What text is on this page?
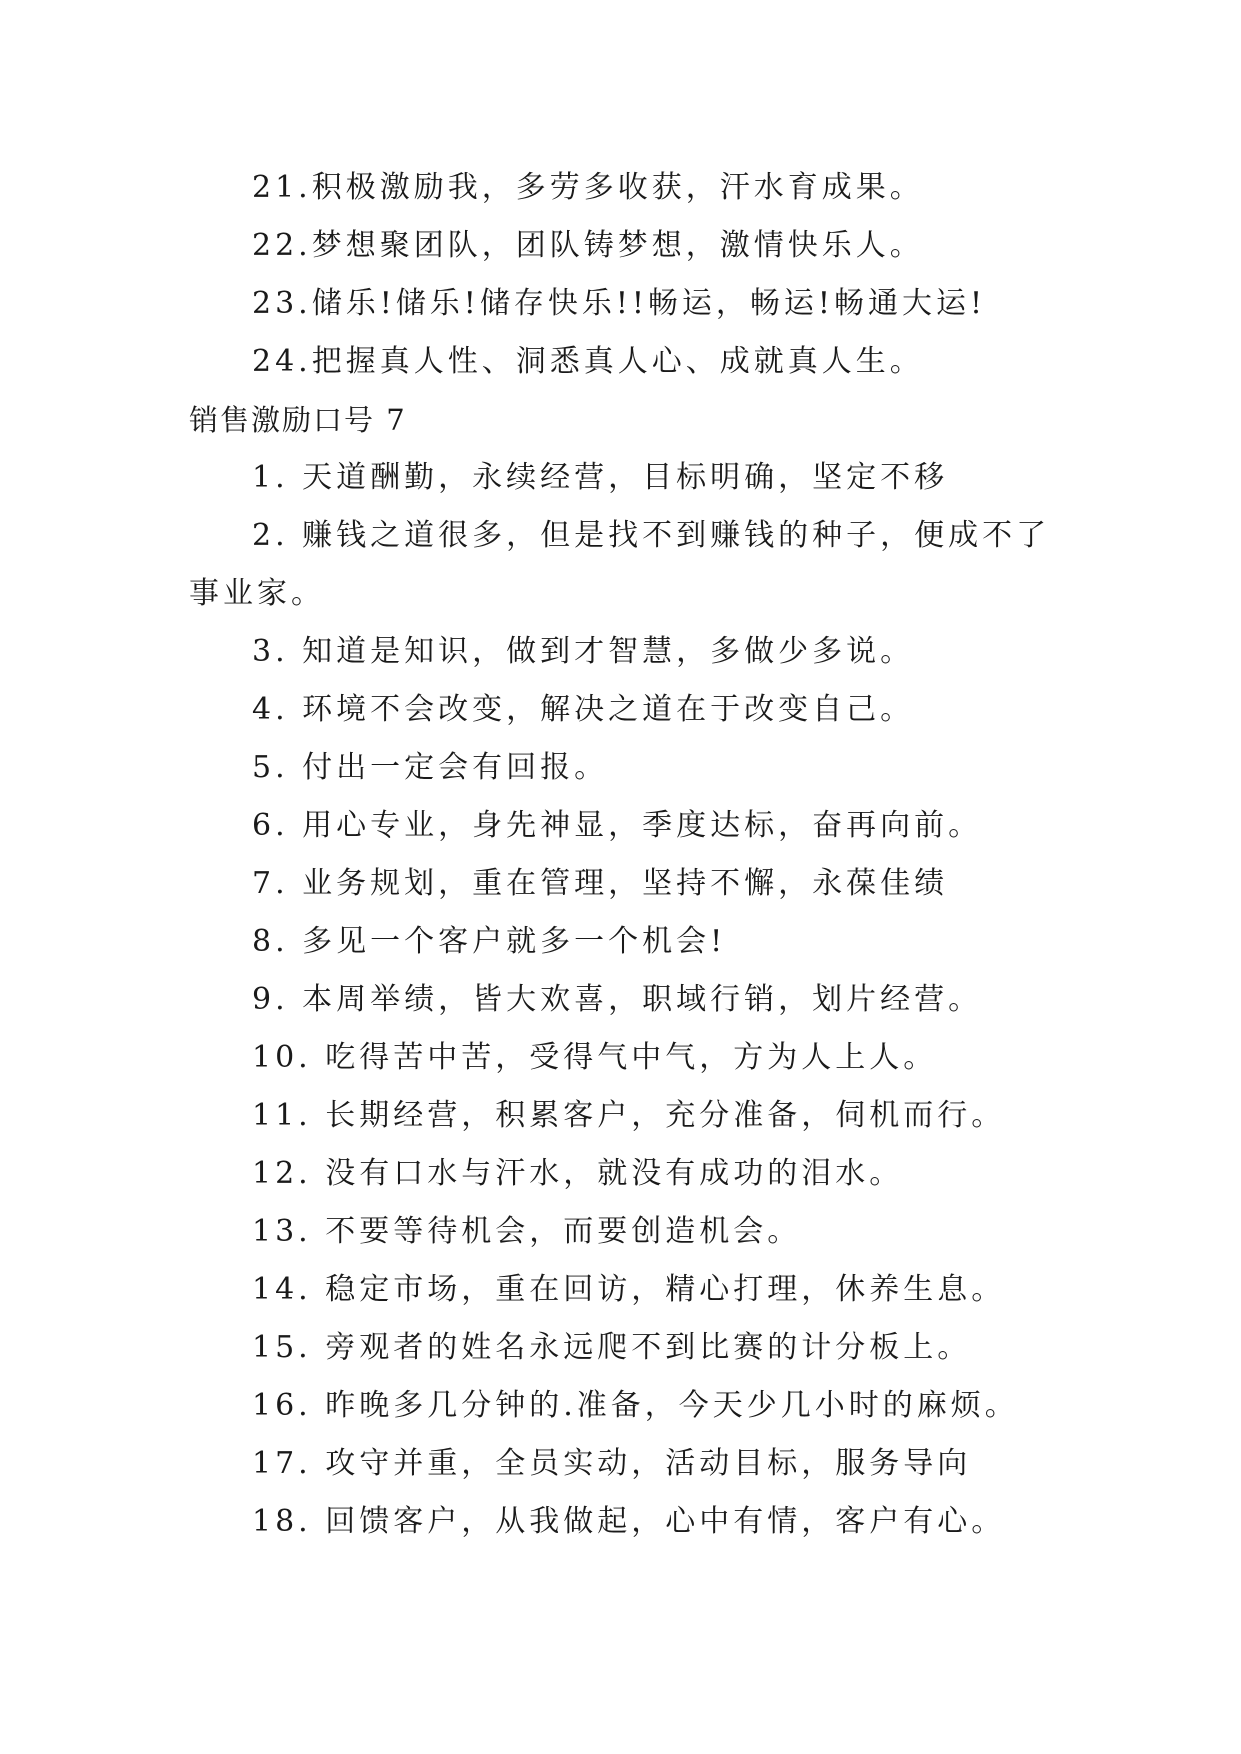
21.积极激励我，多劳多收获，汗水育成果。
22.梦想聚团队，团队铸梦想，激情快乐人。
23.储乐!储乐!储存快乐!!畅运，畅运!畅通大运!
24.把握真人性、洞悉真人心、成就真人生。
销售激励口号 7
1. 天道酬勤，永续经营，目标明确，坚定不移
2. 赚钱之道很多，但是找不到赚钱的种子，便成不了
事业家。
3. 知道是知识，做到才智慧，多做少多说。
4. 环境不会改变，解决之道在于改变自己。
5. 付出一定会有回报。
6. 用心专业，身先神显，季度达标，奋再向前。
7. 业务规划，重在管理，坚持不懈，永葆佳绩
8. 多见一个客户就多一个机会!
9. 本周举绩，皆大欢喜，职域行销，划片经营。
10. 吃得苦中苦，受得气中气，方为人上人。
11. 长期经营，积累客户，充分准备，伺机而行。
12. 没有口水与汗水，就没有成功的泪水。
13. 不要等待机会，而要创造机会。
14. 稳定市场，重在回访，精心打理，休养生息。
15. 旁观者的姓名永远爬不到比赛的计分板上。
16. 昨晚多几分钟的.准备，今天少几小时的麻烦。
17. 攻守并重，全员实动，活动目标，服务导向
18. 回馈客户，从我做起，心中有情，客户有心。
